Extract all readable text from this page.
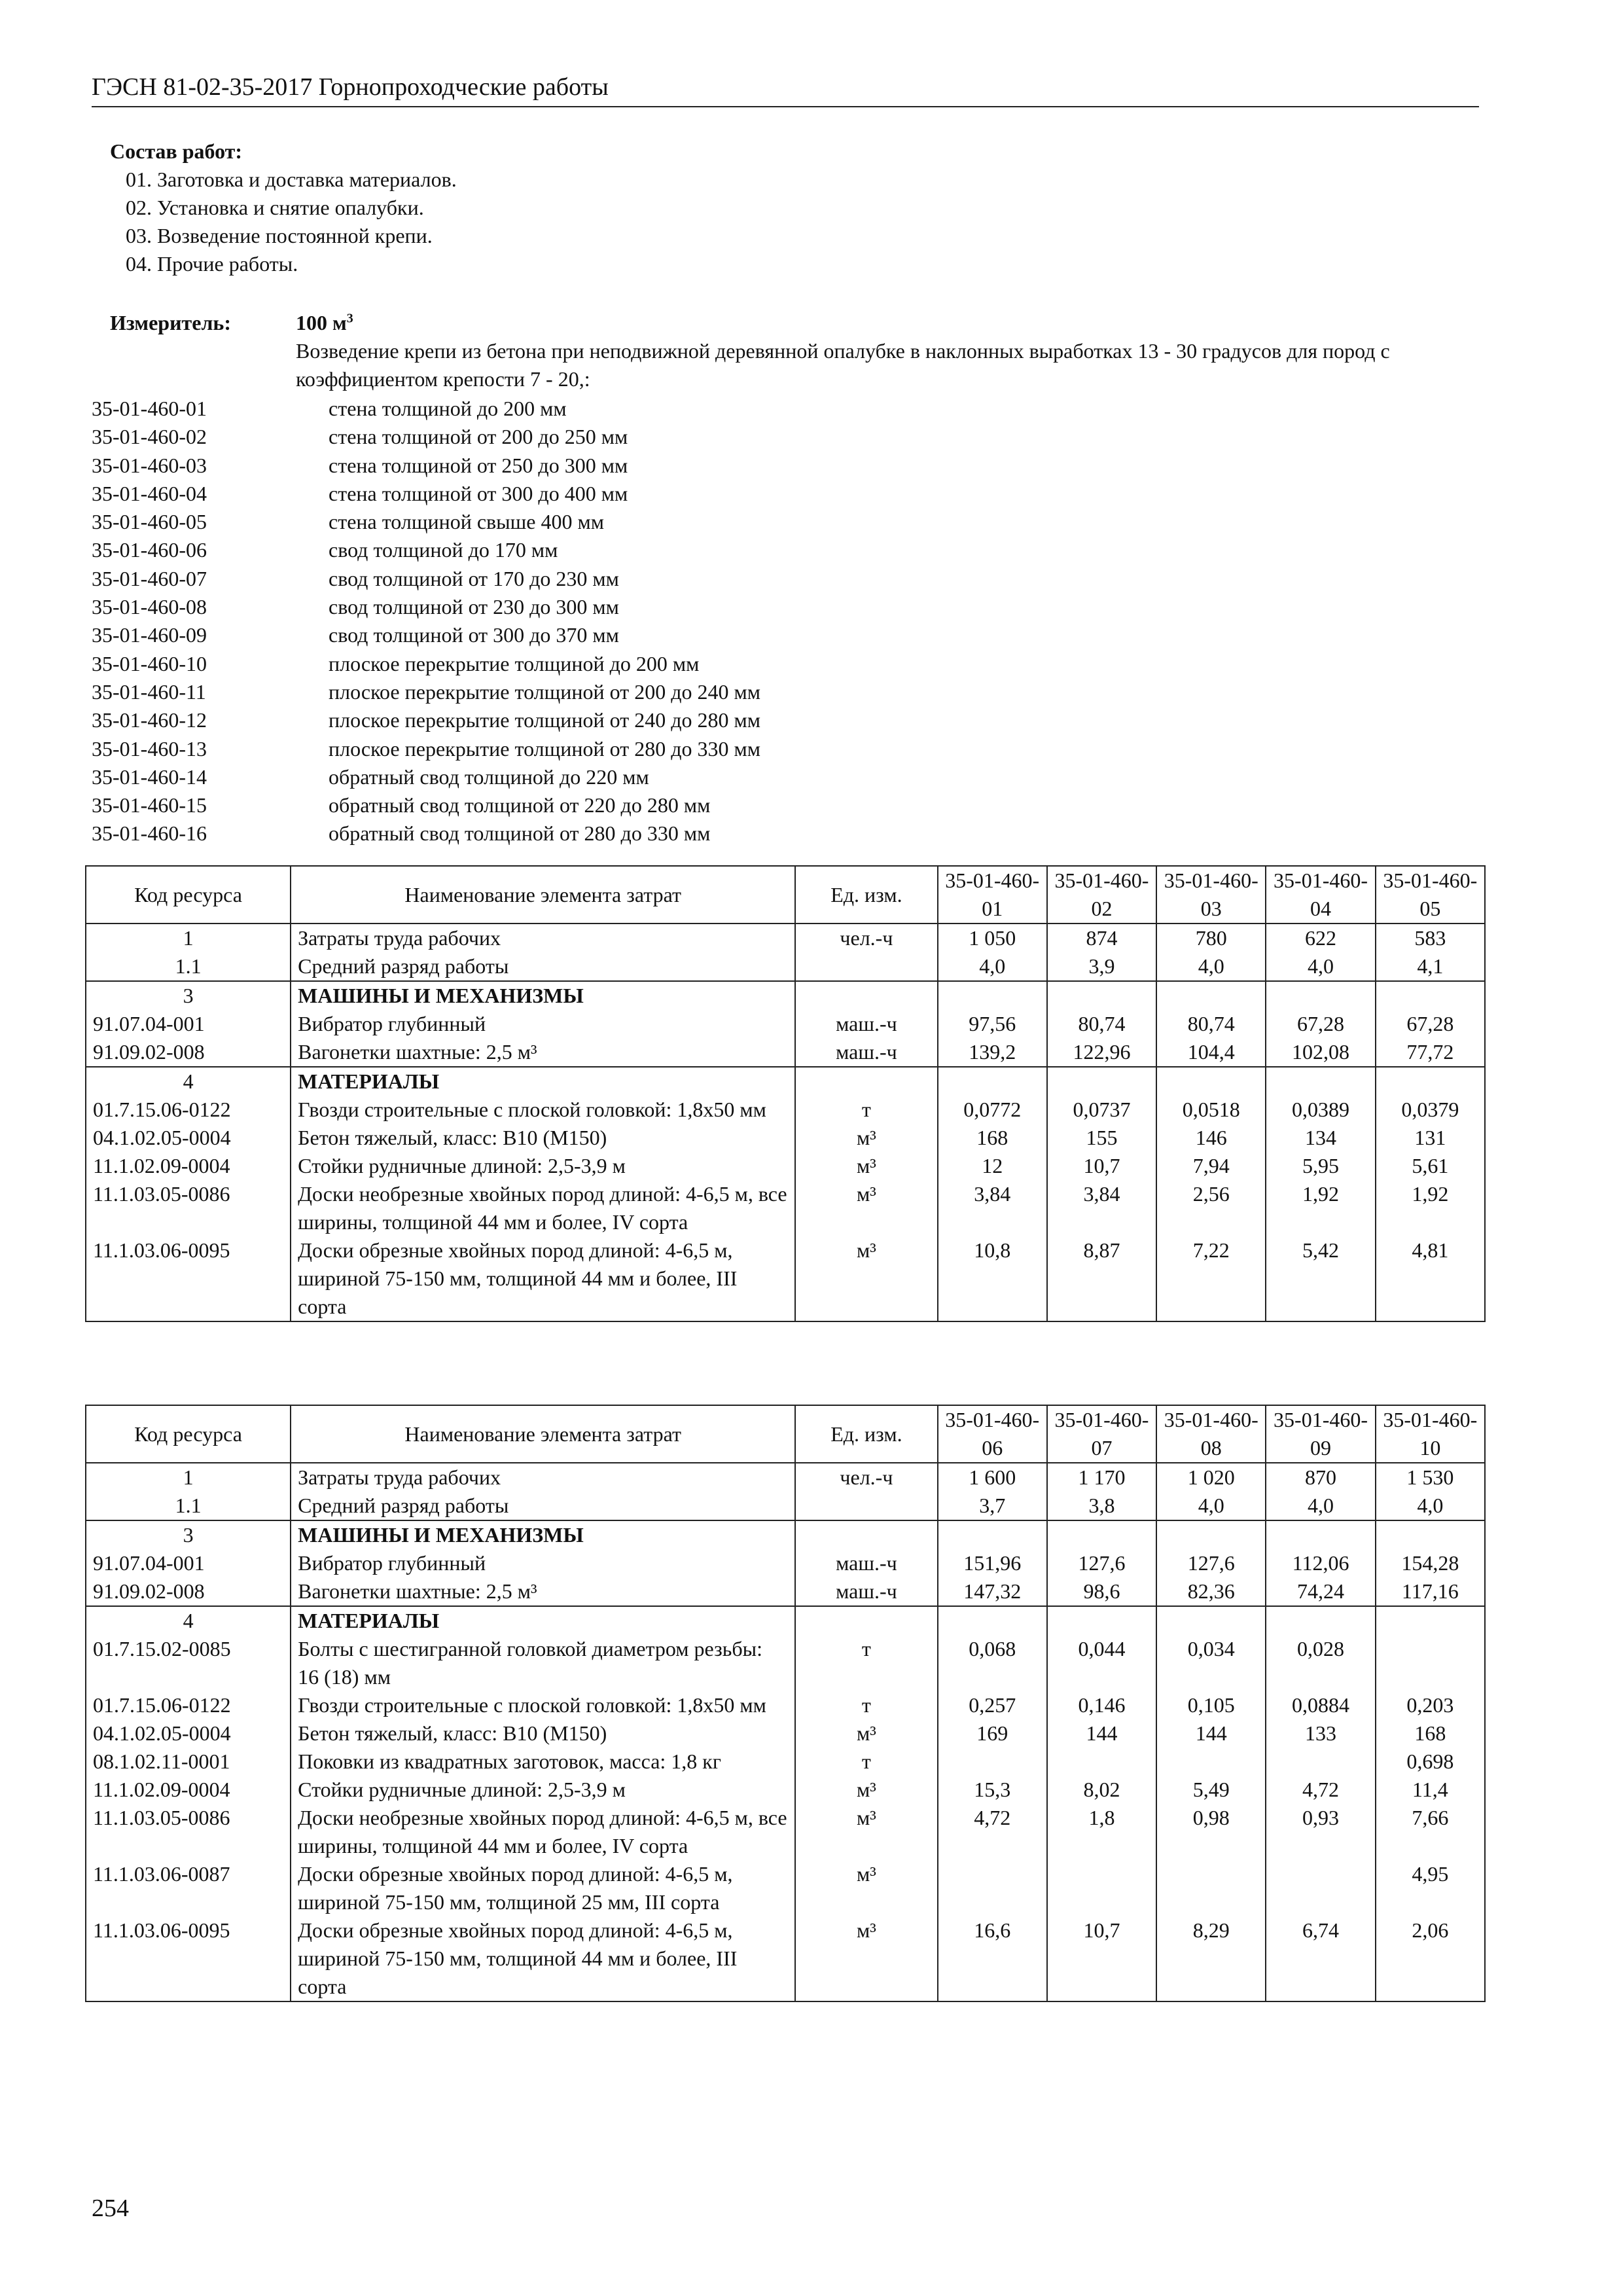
ГЭСН 81-02-35-2017 Горнопроходческие работы
Состав работ:
01. Заготовка и доставка материалов.
02. Установка и снятие опалубки.
03. Возведение постоянной крепи.
04. Прочие работы.
Измеритель:	100 $м^3$
Возведение крепи из бетона при неподвижной деревянной опалубке в наклонных выработках 13 - 30 градусов для пород с коэффициентом крепости 7 - 20,:
35-01-460-01	стена толщиной до 200 мм
35-01-460-02	стена толщиной от 200 до 250 мм
35-01-460-03	стена толщиной от 250 до 300 мм
35-01-460-04	стена толщиной от 300 до 400 мм
35-01-460-05	стена толщиной свыше 400 мм
35-01-460-06	свод толщиной до 170 мм
35-01-460-07	свод толщиной от 170 до 230 мм
35-01-460-08	свод толщиной от 230 до 300 мм
35-01-460-09	свод толщиной от 300 до 370 мм
35-01-460-10	плоское перекрытие толщиной до 200 мм
35-01-460-11	плоское перекрытие толщиной от 200 до 240 мм
35-01-460-12	плоское перекрытие толщиной от 240 до 280 мм
35-01-460-13	плоское перекрытие толщиной от 280 до 330 мм
35-01-460-14	обратный свод толщиной до 220 мм
35-01-460-15	обратный свод толщиной от 220 до 280 мм
35-01-460-16	обратный свод толщиной от 280 до 330 мм
Код ресурса	Наименование элемента затрат	Ед. изм.	35-01-460-01	35-01-460-02	35-01-460-03	35-01-460-04	35-01-460-05
1	Затраты труда рабочих	чел.-ч	1 050	874	780	622	583
1.1	Средний разряд работы		4,0	3,9	4,0	4,0	4,1
3	МАШИНЫ И МЕХАНИЗМЫ						
91.07.04-001	Вибратор глубинный	маш.-ч	97,56	80,74	80,74	67,28	67,28
91.09.02-008	Вагонетки шахтные: 2,5 м³	маш.-ч	139,2	122,96	104,4	102,08	77,72
4	МАТЕРИАЛЫ						
01.7.15.06-0122	Гвозди строительные с плоской головкой: 1,8х50 мм	т	0,0772	0,0737	0,0518	0,0389	0,0379
04.1.02.05-0004	Бетон тяжелый, класс: В10 (М150)	м³	168	155	146	134	131
11.1.02.09-0004	Стойки рудничные длиной: 2,5-3,9 м	м³	12	10,7	7,94	5,95	5,61
11.1.03.05-0086	Доски необрезные хвойных пород длиной: 4-6,5 м, все ширины, толщиной 44 мм и более, IV сорта	м³	3,84	3,84	2,56	1,92	1,92
11.1.03.06-0095	Доски обрезные хвойных пород длиной: 4-6,5 м, шириной 75-150 мм, толщиной 44 мм и более, III сорта	м³	10,8	8,87	7,22	5,42	4,81
Код ресурса	Наименование элемента затрат	Ед. изм.	35-01-460-06	35-01-460-07	35-01-460-08	35-01-460-09	35-01-460-10
1	Затраты труда рабочих	чел.-ч	1 600	1 170	1 020	870	1 530
1.1	Средний разряд работы		3,7	3,8	4,0	4,0	4,0
3	МАШИНЫ И МЕХАНИЗМЫ						
91.07.04-001	Вибратор глубинный	маш.-ч	151,96	127,6	127,6	112,06	154,28
91.09.02-008	Вагонетки шахтные: 2,5 м³	маш.-ч	147,32	98,6	82,36	74,24	117,16
4	МАТЕРИАЛЫ						
01.7.15.02-0085	Болты с шестигранной головкой диаметром резьбы: 16 (18) мм	т	0,068	0,044	0,034	0,028	
01.7.15.06-0122	Гвозди строительные с плоской головкой: 1,8х50 мм	т	0,257	0,146	0,105	0,0884	0,203
04.1.02.05-0004	Бетон тяжелый, класс: В10 (М150)	м³	169	144	144	133	168
08.1.02.11-0001	Поковки из квадратных заготовок, масса: 1,8 кг	т					0,698
11.1.02.09-0004	Стойки рудничные длиной: 2,5-3,9 м	м³	15,3	8,02	5,49	4,72	11,4
11.1.03.05-0086	Доски необрезные хвойных пород длиной: 4-6,5 м, все ширины, толщиной 44 мм и более, IV сорта	м³	4,72	1,8	0,98	0,93	7,66
11.1.03.06-0087	Доски обрезные хвойных пород длиной: 4-6,5 м, шириной 75-150 мм, толщиной 25 мм, III сорта	м³					4,95
11.1.03.06-0095	Доски обрезные хвойных пород длиной: 4-6,5 м, шириной 75-150 мм, толщиной 44 мм и более, III сорта	м³	16,6	10,7	8,29	6,74	2,06
254
